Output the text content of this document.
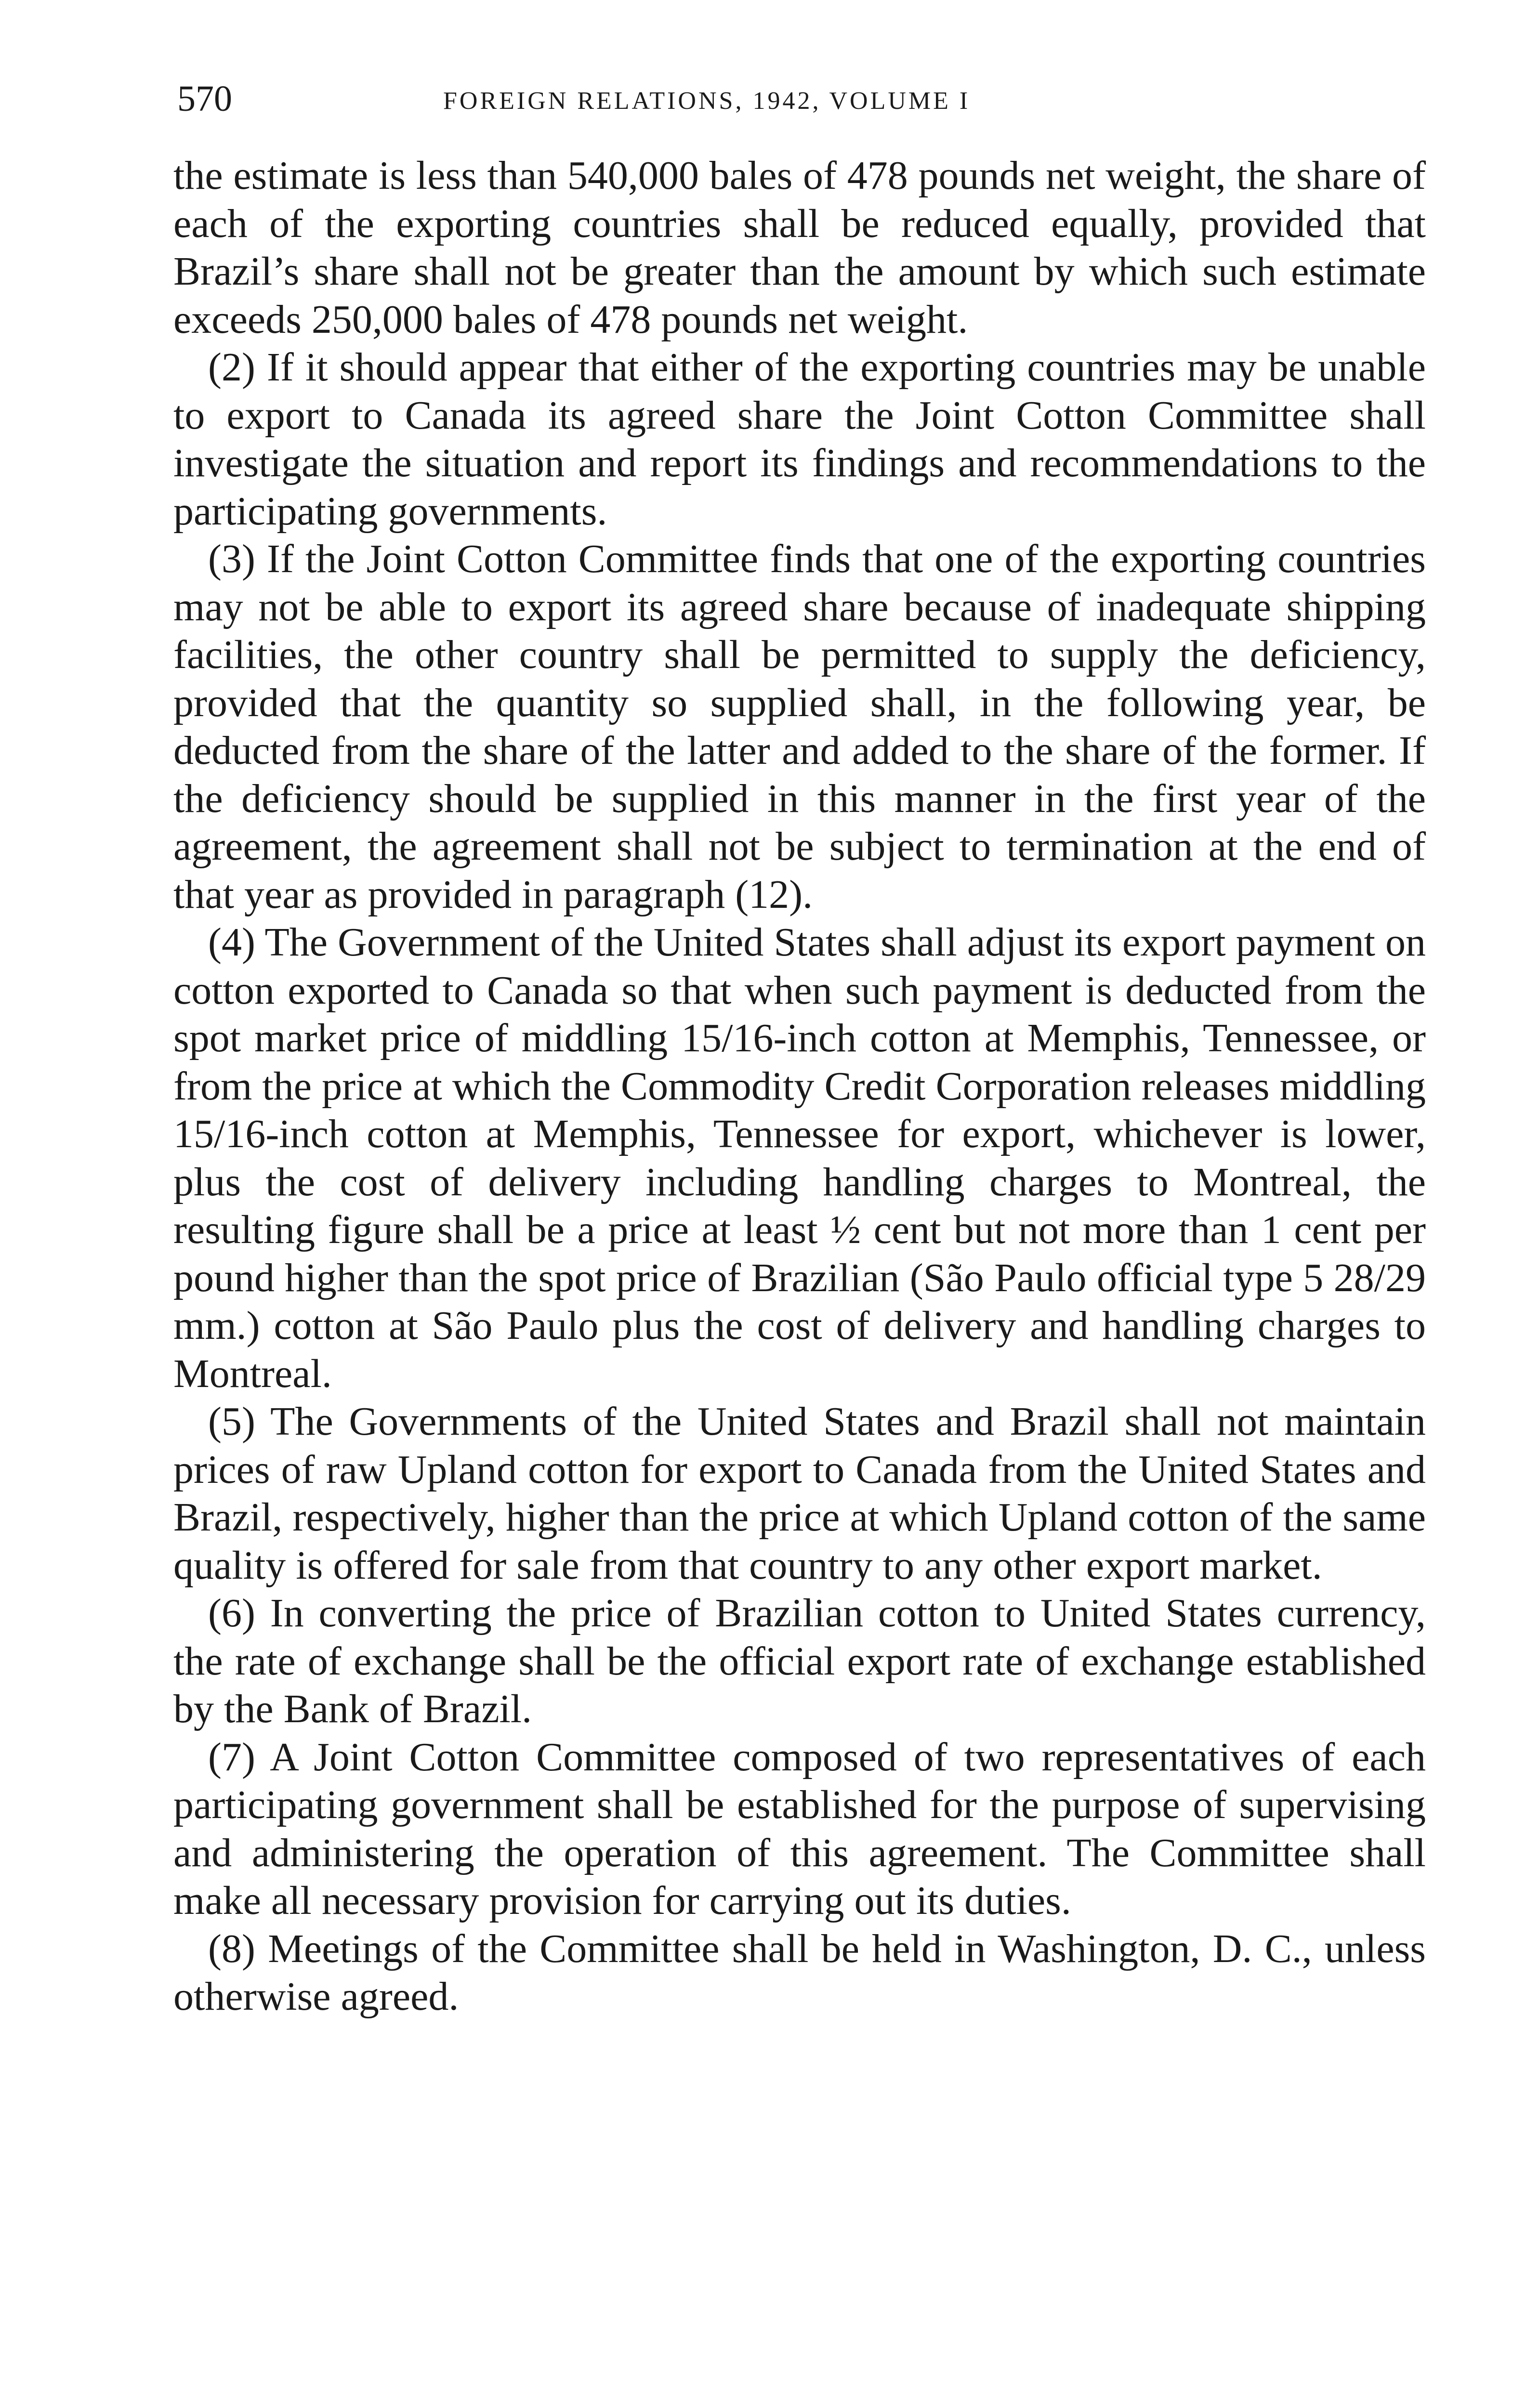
570	FOREIGN RELATIONS, 1942, VOLUME I

the estimate is less than 540,000 bales of 478 pounds net weight, the share of each of the exporting countries shall be reduced equally, provided that Brazil’s share shall not be greater than the amount by which such estimate exceeds 250,000 bales of 478 pounds net weight.

(2) If it should appear that either of the exporting countries may be unable to export to Canada its agreed share the Joint Cotton Committee shall investigate the situation and report its findings and recommendations to the participating governments.

(3) If the Joint Cotton Committee finds that one of the exporting countries may not be able to export its agreed share because of inadequate shipping facilities, the other country shall be permitted to supply the deficiency, provided that the quantity so supplied shall, in the following year, be deducted from the share of the latter and added to the share of the former. If the deficiency should be supplied in this manner in the first year of the agreement, the agreement shall not be subject to termination at the end of that year as provided in paragraph (12).

(4) The Government of the United States shall adjust its export payment on cotton exported to Canada so that when such payment is deducted from the spot market price of middling 15/16-inch cotton at Memphis, Tennessee, or from the price at which the Commodity Credit Corporation releases middling 15/16-inch cotton at Memphis, Tennessee for export, whichever is lower, plus the cost of delivery including handling charges to Montreal, the resulting figure shall be a price at least ½ cent but not more than 1 cent per pound higher than the spot price of Brazilian (São Paulo official type 5 28/29 mm.) cotton at São Paulo plus the cost of delivery and handling charges to Montreal.

(5) The Governments of the United States and Brazil shall not maintain prices of raw Upland cotton for export to Canada from the United States and Brazil, respectively, higher than the price at which Upland cotton of the same quality is offered for sale from that country to any other export market.

(6) In converting the price of Brazilian cotton to United States currency, the rate of exchange shall be the official export rate of exchange established by the Bank of Brazil.

(7) A Joint Cotton Committee composed of two representatives of each participating government shall be established for the purpose of supervising and administering the operation of this agreement. The Committee shall make all necessary provision for carrying out its duties.

(8) Meetings of the Committee shall be held in Washington, D. C., unless otherwise agreed.
